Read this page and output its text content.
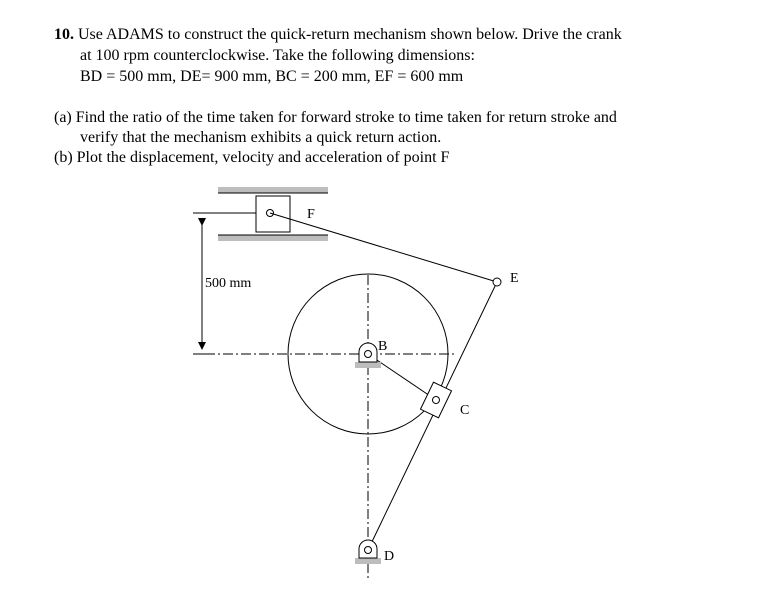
10. Use ADAMS to construct the quick-return mechanism shown below. Drive the crank
at 100 rpm counterclockwise. Take the following dimensions:
BD = 500 mm, DE= 900 mm, BC = 200 mm, EF = 600 mm
(a) Find the ratio of the time taken for forward stroke to time taken for return stroke and
verify that the mechanism exhibits a quick return action.
(b) Plot the displacement, velocity and acceleration of point F
F
E
B
C
D
500 mm
